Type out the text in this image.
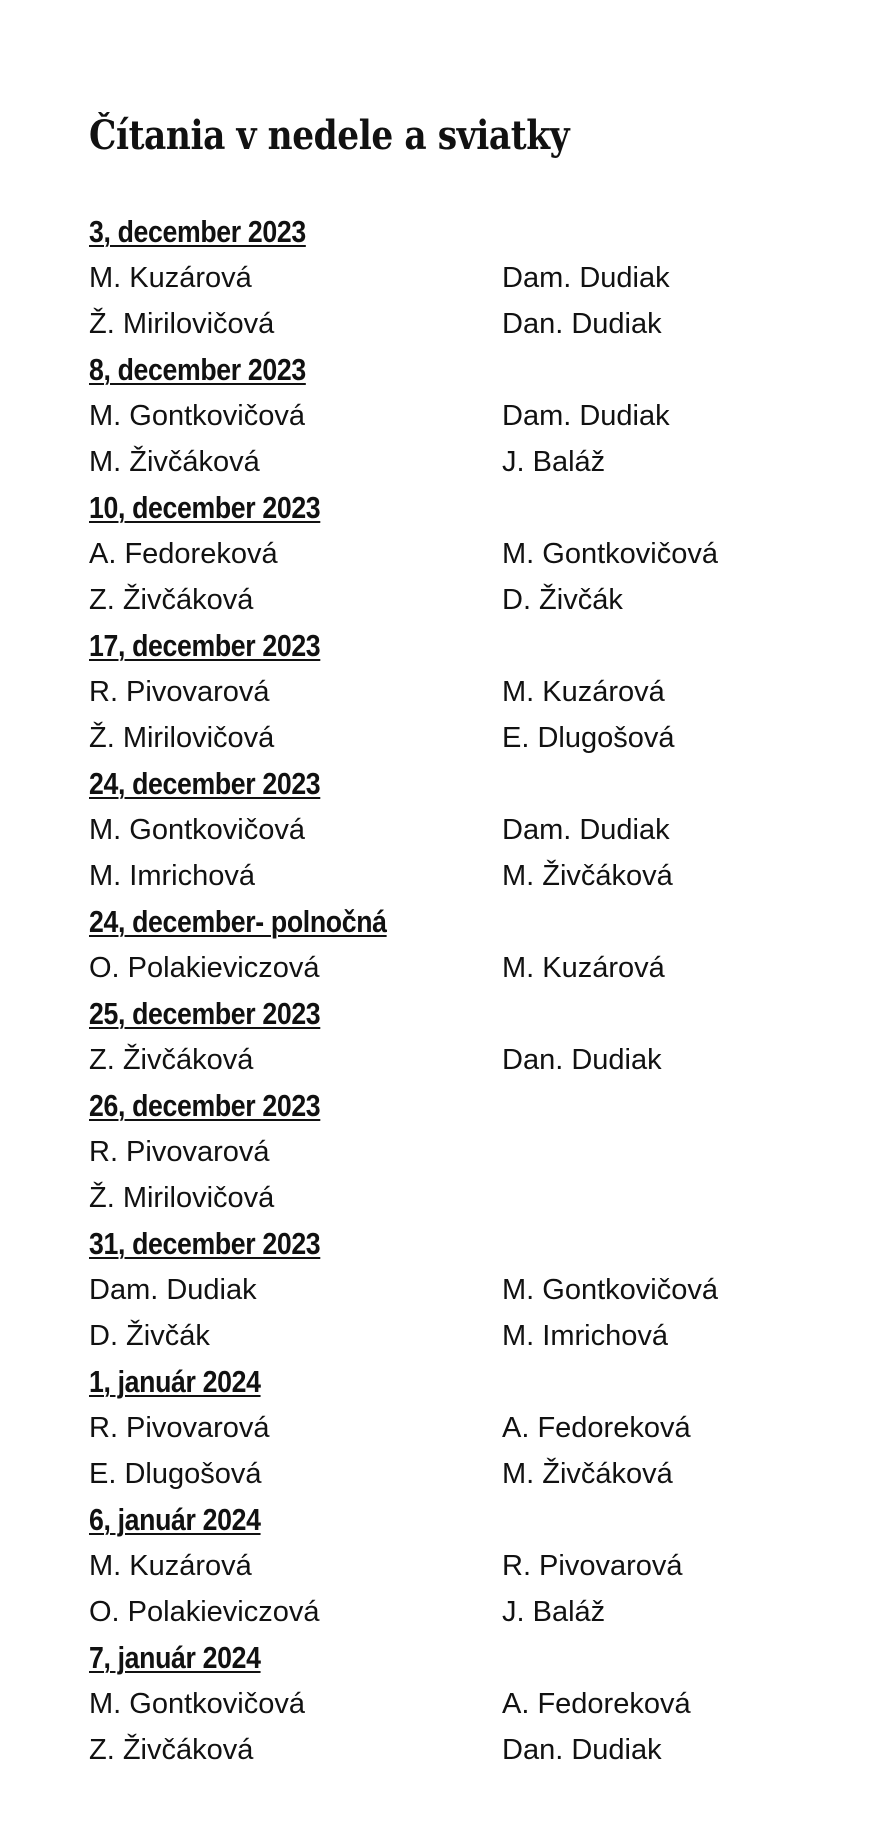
Čítania v nedele a sviatky
3, december 2023
M. Kuzárová	Dam. Dudiak
Ž. Mirilovičová	Dan. Dudiak
8, december 2023
M. Gontkovičová	Dam. Dudiak
M. Živčáková	J. Baláž
10, december 2023
A. Fedoreková	M. Gontkovičová
Z. Živčáková	D. Živčák
17, december 2023
R. Pivovarová	M. Kuzárová
Ž. Mirilovičová	E. Dlugošová
24, december 2023
M. Gontkovičová	Dam. Dudiak
M. Imrichová	M. Živčáková
24, december- polnočná
O. Polakieviczová	M. Kuzárová
25, december 2023
Z. Živčáková	Dan. Dudiak
26, december 2023
R. Pivovarová
Ž. Mirilovičová
31, december 2023
Dam. Dudiak	M. Gontkovičová
D. Živčák	M. Imrichová
1, január 2024
R. Pivovarová	A. Fedoreková
E. Dlugošová	M. Živčáková
6, január 2024
M. Kuzárová	R. Pivovarová
O. Polakieviczová	J. Baláž
7, január 2024
M. Gontkovičová	A. Fedoreková
Z. Živčáková	Dan. Dudiak
